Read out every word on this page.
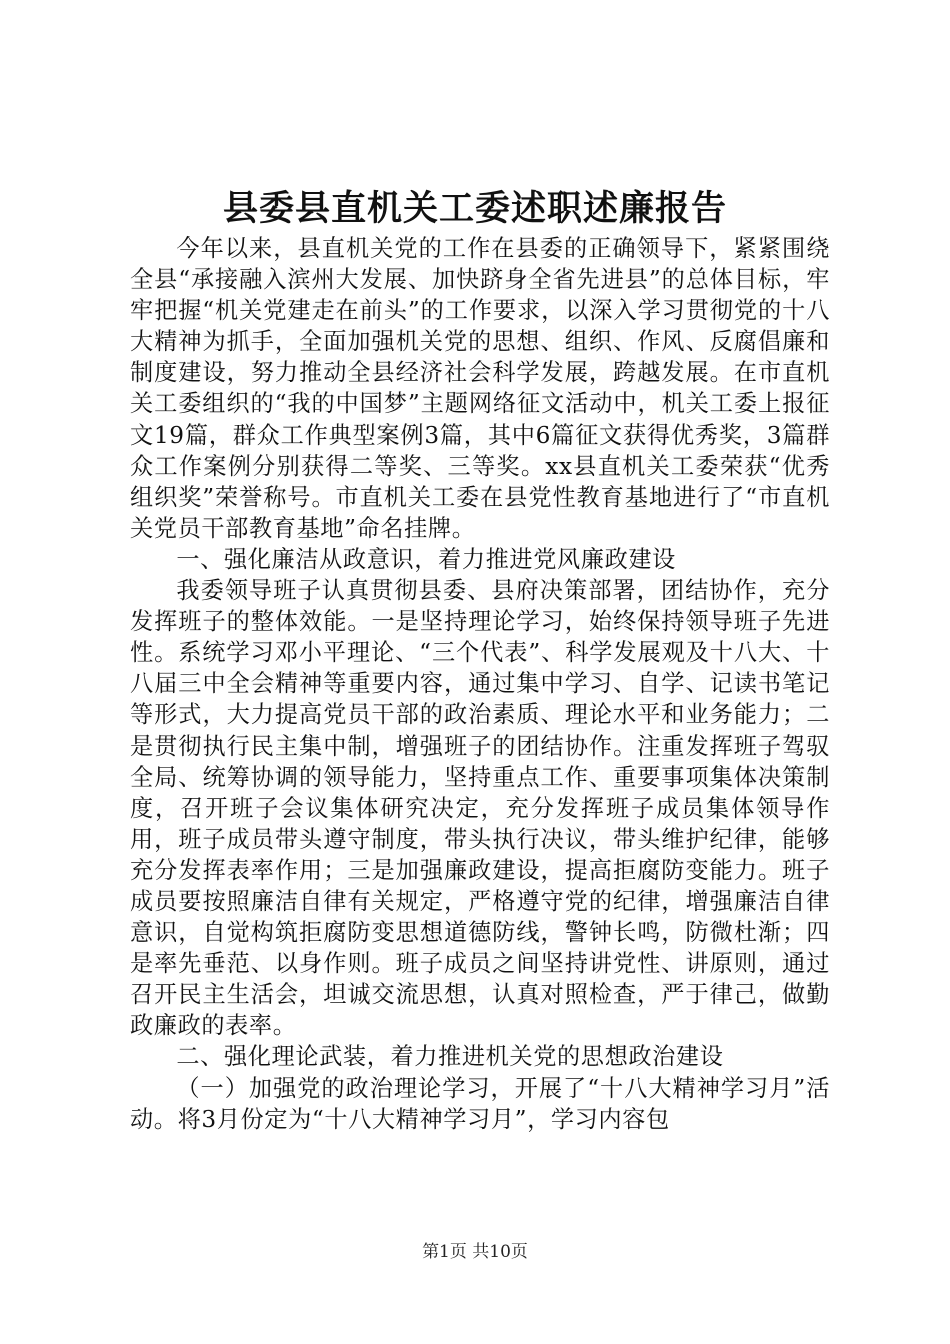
县委县直机关工委述职述廉报告

今年以来，县直机关党的工作在县委的正确领导下，紧紧围绕全县“承接融入滨州大发展、加快跻身全省先进县”的总体目标，牢牢把握“机关党建走在前头”的工作要求，以深入学习贯彻党的十八大精神为抓手，全面加强机关党的思想、组织、作风、反腐倡廉和制度建设，努力推动全县经济社会科学发展，跨越发展。在市直机关工委组织的“我的中国梦”主题网络征文活动中，机关工委上报征文19篇，群众工作典型案例3篇，其中6篇征文获得优秀奖，3篇群众工作案例分别获得二等奖、三等奖。xx县直机关工委荣获“优秀组织奖”荣誉称号。市直机关工委在县党性教育基地进行了“市直机关党员干部教育基地”命名挂牌。

一、强化廉洁从政意识，着力推进党风廉政建设

我委领导班子认真贯彻县委、县府决策部署，团结协作，充分发挥班子的整体效能。一是坚持理论学习，始终保持领导班子先进性。系统学习邓小平理论、“三个代表”、科学发展观及十八大、十八届三中全会精神等重要内容，通过集中学习、自学、记读书笔记等形式，大力提高党员干部的政治素质、理论水平和业务能力；二是贯彻执行民主集中制，增强班子的团结协作。注重发挥班子驾驭全局、统筹协调的领导能力，坚持重点工作、重要事项集体决策制度，召开班子会议集体研究决定，充分发挥班子成员集体领导作用，班子成员带头遵守制度，带头执行决议，带头维护纪律，能够充分发挥表率作用；三是加强廉政建设，提高拒腐防变能力。班子成员要按照廉洁自律有关规定，严格遵守党的纪律，增强廉洁自律意识，自觉构筑拒腐防变思想道德防线，警钟长鸣，防微杜渐；四是率先垂范、以身作则。班子成员之间坚持讲党性、讲原则，通过召开民主生活会，坦诚交流思想，认真对照检查，严于律己，做勤政廉政的表率。

二、强化理论武装，着力推进机关党的思想政治建设

（一）加强党的政治理论学习，开展了“十八大精神学习月”活动。将3月份定为“十八大精神学习月”，学习内容包

第1页 共10页
